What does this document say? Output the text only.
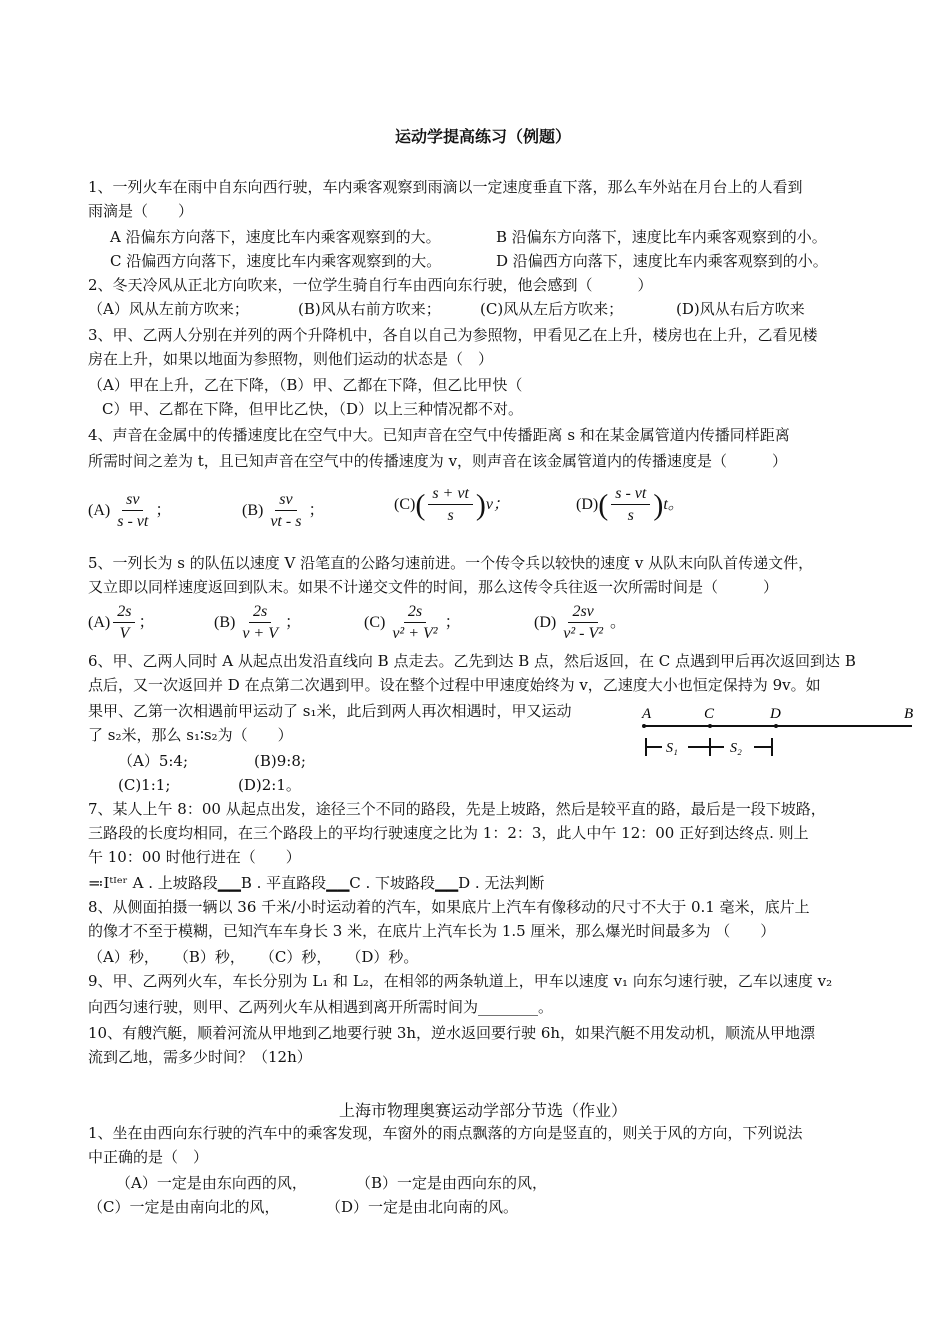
运动学提高练习（例题）
1、一列火车在雨中自东向西行驶，车内乘客观察到雨滴以一定速度垂直下落，那么车外站在月台上的人看到
雨滴是（　　）
A 沿偏东方向落下，速度比车内乘客观察到的大。	B 沿偏东方向落下，速度比车内乘客观察到的小。
C 沿偏西方向落下，速度比车内乘客观察到的大。	D 沿偏西方向落下，速度比车内乘客观察到的小。
2、冬天冷风从正北方向吹来，一位学生骑自行车由西向东行驶，他会感到（　　　）
（A）风从左前方吹来；	(B)风从右前方吹来；	(C)风从左后方吹来；	(D)风从右后方吹来
3、甲、乙两人分别在并列的两个升降机中，各自以自己为参照物，甲看见乙在上升，楼房也在上升，乙看见楼
房在上升，如果以地面为参照物，则他们运动的状态是（　）
（A）甲在上升，乙在下降，（B）甲、乙都在下降，但乙比甲快（
C）甲、乙都在下降，但甲比乙快，（D）以上三种情况都不对。
4、声音在金属中的传播速度比在空气中大。已知声音在空气中传播距离 s 和在某金属管道内传播同样距离
所需时间之差为 t，且已知声音在空气中的传播速度为 v，则声音在该金属管道内的传播速度是（　　　）
$(A) \frac{sv}{s - vt}$ ；	$(B) \frac{sv}{vt - s}$ ；	$(C)( \frac{s + vt}{s} )v$；	$(D)( \frac{s - vt}{s} )t$。
5、一列长为 s 的队伍以速度 V 沿笔直的公路匀速前进。一个传令兵以较快的速度 v 从队末向队首传递文件，
又立即以同样速度返回到队末。如果不计递交文件的时间，那么这传令兵往返一次所需时间是（　　　）
$(A) \frac{2s}{V}$ ；	$(B) \frac{2s}{v + V}$ ；	$(C) \frac{2s}{\text{v² + V²}}$ ；	$(D) \frac{2sv}{\text{v² - V²}}$ 。
6、甲、乙两人同时 A 从起点出发沿直线向 B 点走去。乙先到达 B 点，然后返回，在 C 点遇到甲后再次返回到达 B
点后，又一次返回并 D 在点第二次遇到甲。设在整个过程中甲速度始终为 v，乙速度大小也恒定保持为 9v。如
果甲、乙第一次相遇前甲运动了 s₁米，此后到两人再次相遇时，甲又运动
了 s₂米，那么 s₁∶s₂为（　　）
（A）5:4;	(B)9:8;
(C)1:1;	(D)2:1。
A	C	D	B
S₁	S₂
7、某人上午 8：00 从起点出发，途径三个不同的路段，先是上坡路，然后是较平直的路，最后是一段下坡路，
三路段的长度均相同，在三个路段上的平均行驶速度之比为 1：2：3，此人中午 12：00 正好到达终点. 则上
午 10：00 时他行进在（　　）
≕Iᵗᴵᵉʳ A . 上坡路段▁▁B . 平直路段▁▁C . 下坡路段▁▁D . 无法判断
8、从侧面拍摄一辆以 36 千米/小时运动着的汽车，如果底片上汽车有像移动的尺寸不大于 0.1 毫米，底片上
的像才不至于模糊，已知汽车车身长 3 米，在底片上汽车长为 1.5 厘米，那么爆光时间最多为 （　　）
（A）秒，　　（B）秒，　　（C）秒，　　（D）秒。
9、甲、乙两列火车，车长分别为 L₁ 和 L₂，在相邻的两条轨道上，甲车以速度 v₁ 向东匀速行驶，乙车以速度 v₂
向西匀速行驶，则甲、乙两列火车从相遇到离开所需时间为________。
10、有艘汽艇，顺着河流从甲地到乙地要行驶 3h，逆水返回要行驶 6h，如果汽艇不用发动机，顺流从甲地漂
流到乙地，需多少时间？（12h）
上海市物理奥赛运动学部分节选（作业）
1、坐在由西向东行驶的汽车中的乘客发现，车窗外的雨点飘落的方向是竖直的，则关于风的方向，下列说法
中正确的是（　）
（A）一定是由东向西的风，	（B）一定是由西向东的风，
（C）一定是由南向北的风，	（D）一定是由北向南的风。
